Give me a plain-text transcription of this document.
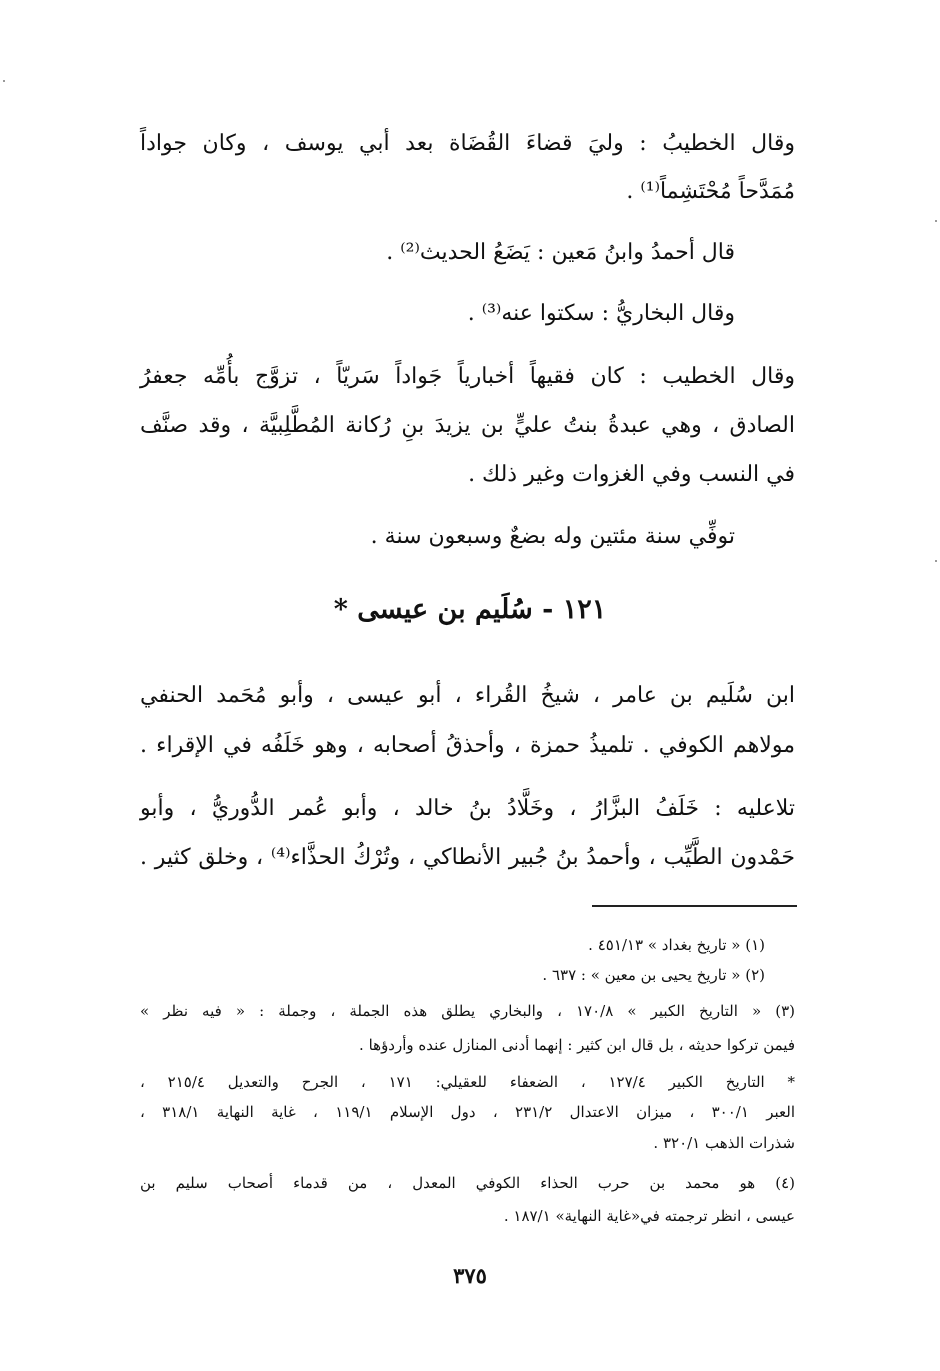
وقال الخطيبُ : وليَ قضاءَ القُضَاة بعد أبي يوسف ، وكان جواداً
مُمَدَّحاً مُحْتَشِماً⁽¹⁾ .
قال أحمدُ وابنُ مَعين : يَضَعُ الحديث⁽²⁾ .
وقال البخاريُّ : سكتوا عنه⁽³⁾ .
وقال الخطيب : كان فقيهاً أخبارياً جَواداً سَريّاً ، تزوَّج بأُمِّه جعفرُ
الصادق ، وهي عبدةُ بنتُ عليٍّ بن يزيدَ بنِ رُكانة المُطَّلِبيَّة ، وقد صنَّف
في النسب وفي الغزوات وغير ذلك .
توفِّي سنة مئتين وله بضعٌ وسبعون سنة .
١٢١ - سُلَيم بن عيسى *
ابن سُلَيم بن عامر ، شيخُ القُراء ، أبو عيسى ، وأبو مُحَمد الحنفي
مولاهم الكوفي . تلميذُ حمزة ، وأحذقُ أصحابه ، وهو خَلَفُه في الإقراء .
تلاعليه : خَلَفُ البزَّارُ ، وخَلَّادُ بنُ خالد ، وأبو عُمر الدُّوريُّ ، وأبو
حَمْدون الطَّيِّب ، وأحمدُ بنُ جُبير الأنطاكي ، وتُرْكُ الحذَّاء⁽⁴⁾ ، وخلق كثير .
(١) « تاريخ بغداد » ٤٥١/١٣ .
(٢) « تاريخ يحيى بن معين » : ٦٣٧ .
(٣) « التاريخ الكبير » ١٧٠/٨ ، والبخاري يطلق هذه الجملة ، وجملة : « فيه نظر »
فيمن تركوا حديثه ، بل قال ابن كثير : إنهما أدنى المنازل عنده وأردؤها .
* التاريخ الكبير ١٢٧/٤ ، الضعفاء للعقيلي: ١٧١ ، الجرح والتعديل ٢١٥/٤ ،
العبر ٣٠٠/١ ، ميزان الاعتدال ٢٣١/٢ ، دول الإسلام ١١٩/١ ، غاية النهاية ٣١٨/١ ،
شذرات الذهب ٣٢٠/١ .
(٤) هو محمد بن حرب الحذاء الكوفي المعدل ، من قدماء أصحاب سليم بن
عيسى ، انظر ترجمته في«غاية النهاية» ١٨٧/١ .
٣٧٥
